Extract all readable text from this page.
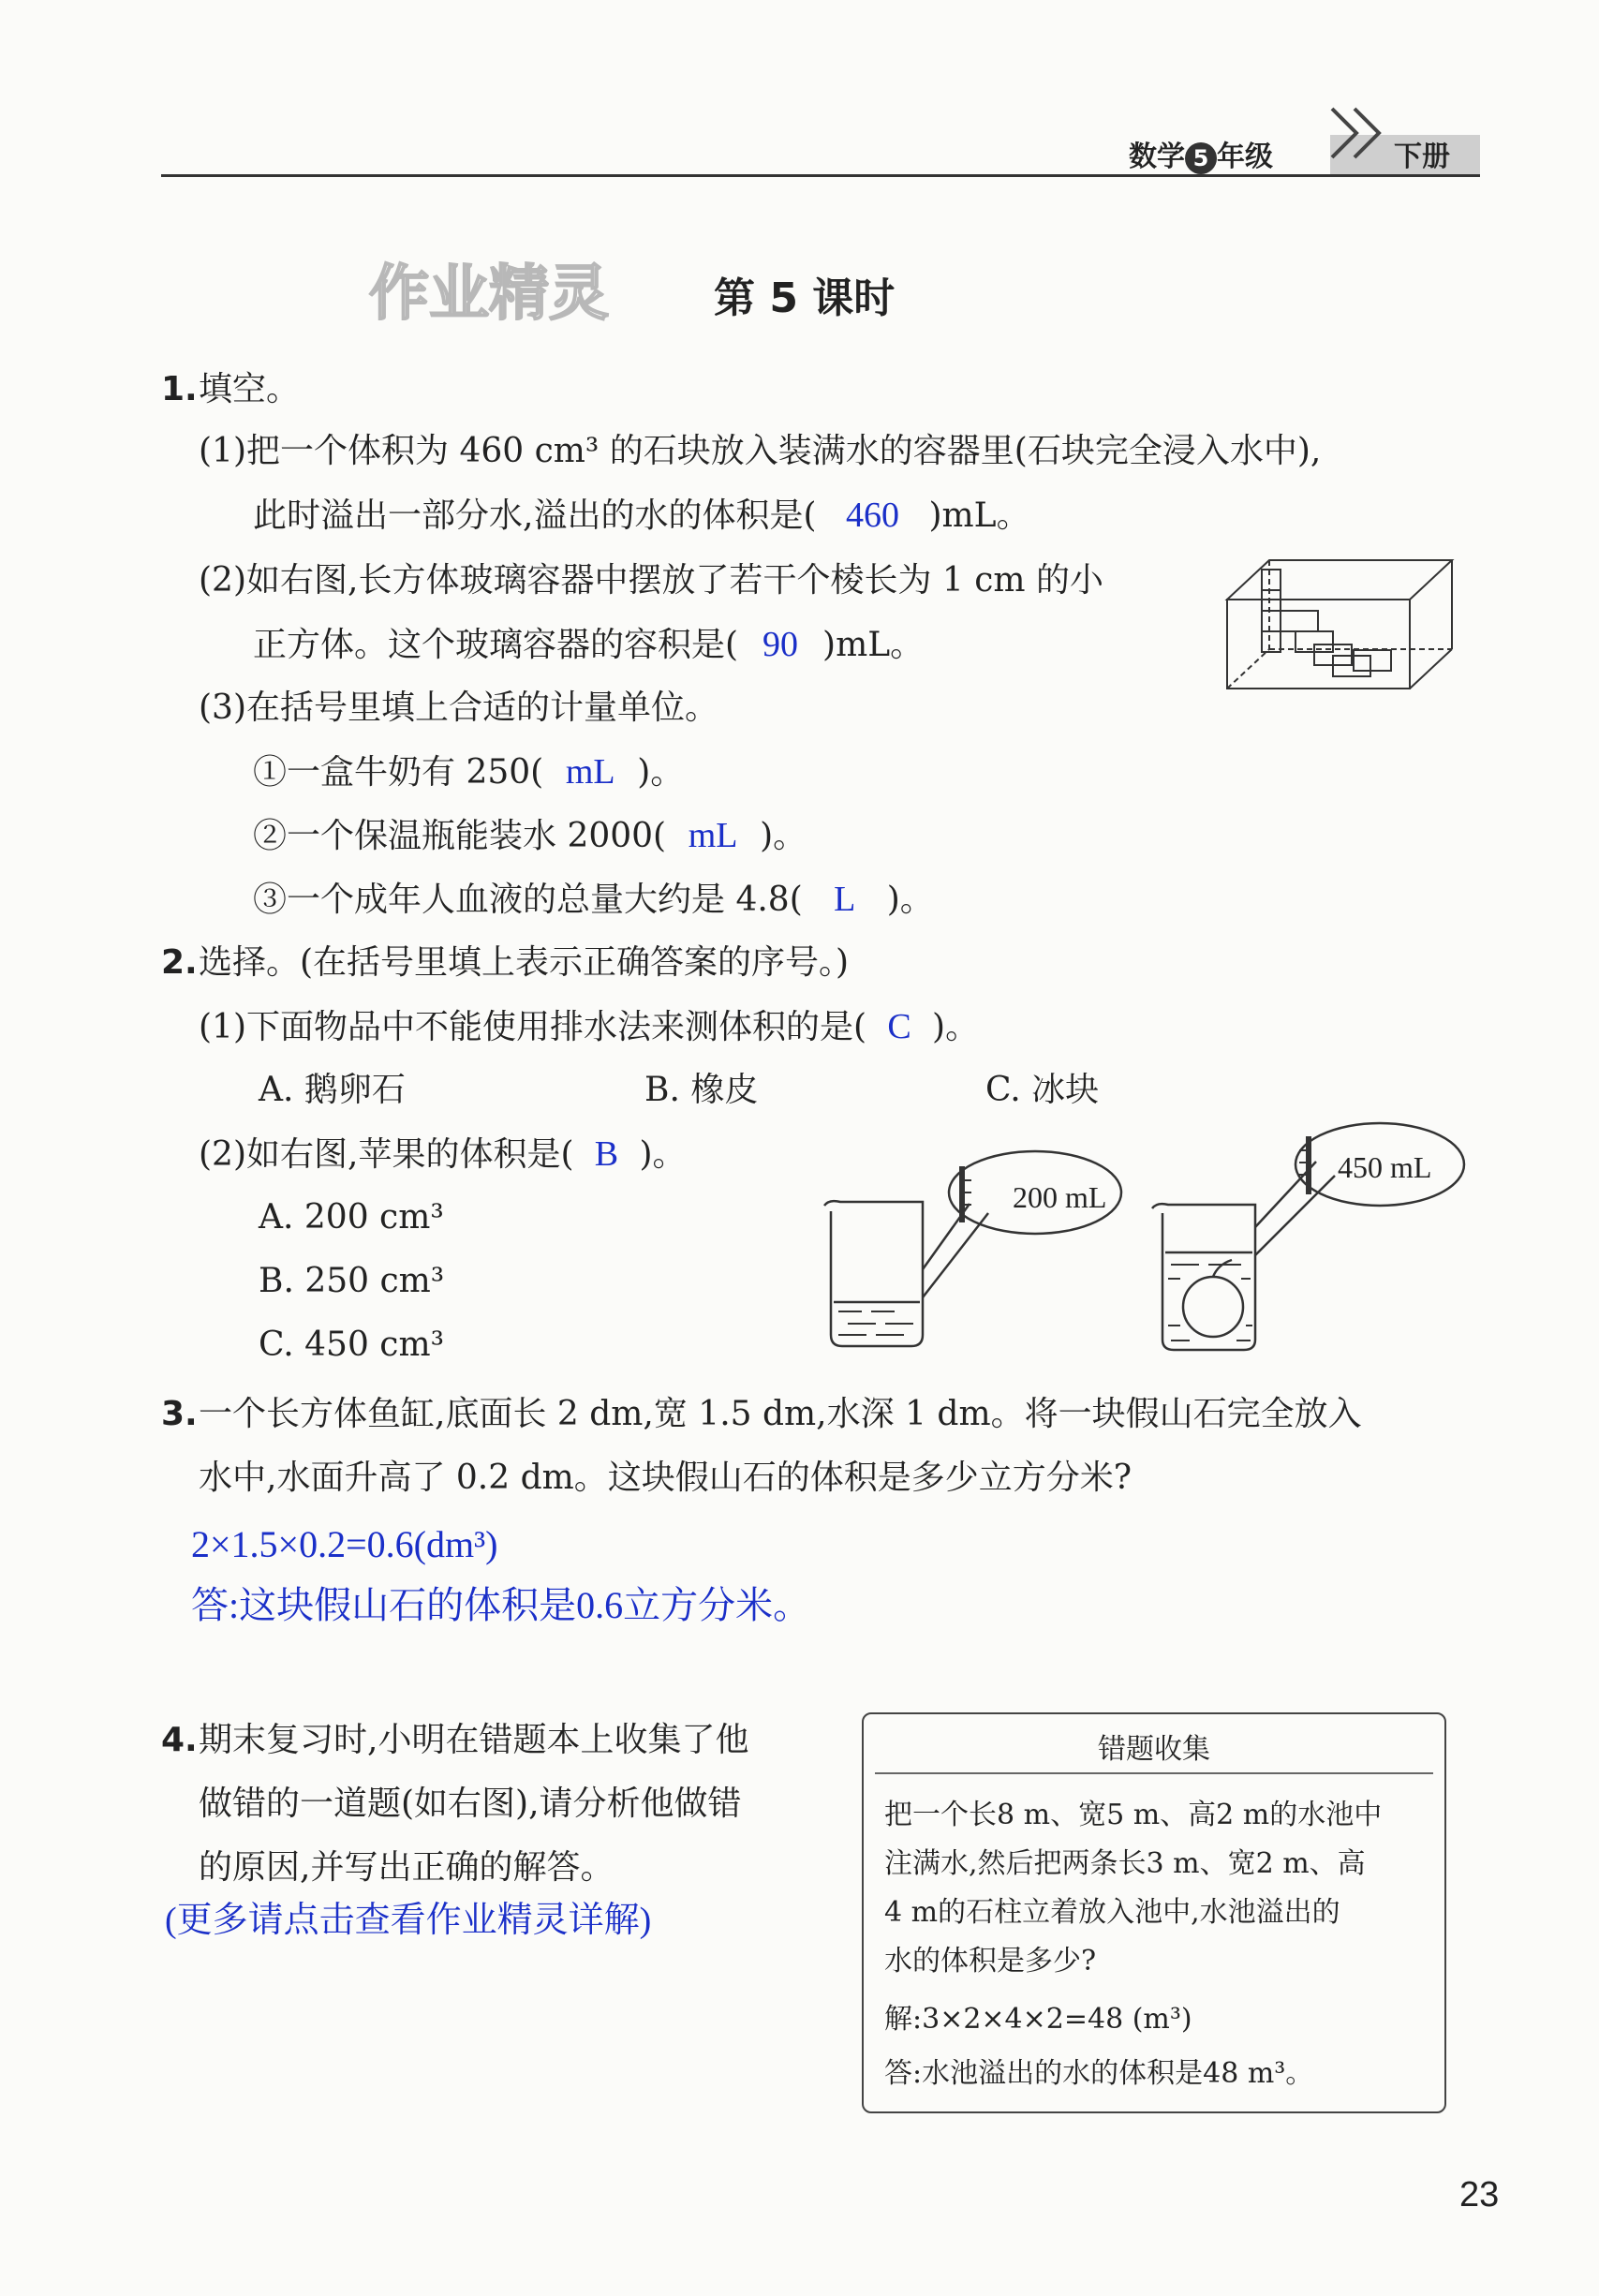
数学 5 年级	下册
作业精灵	第 5 课时
1. 填空。
(1)把一个体积为 460 cm³ 的石块放入装满水的容器里(石块完全浸入水中),
此时溢出一部分水,溢出的水的体积是( 460 )mL。
(2)如右图,长方体玻璃容器中摆放了若干个棱长为 1 cm 的小
正方体。这个玻璃容器的容积是( 90 )mL。
(3)在括号里填上合适的计量单位。
①一盒牛奶有 250( mL )。
②一个保温瓶能装水 2000( mL )。
③一个成年人血液的总量大约是 4.8( L )。
2. 选择。(在括号里填上表示正确答案的序号。)
(1)下面物品中不能使用排水法来测体积的是( C )。
A. 鹅卵石	B. 橡皮	C. 冰块
(2)如右图,苹果的体积是( B )。
A. 200 cm³
B. 250 cm³
C. 450 cm³
200 mL
450 mL
3. 一个长方体鱼缸,底面长 2 dm,宽 1.5 dm,水深 1 dm。将一块假山石完全放入
水中,水面升高了 0.2 dm。这块假山石的体积是多少立方分米?
2×1.5×0.2=0.6(dm³)
答:这块假山石的体积是0.6立方分米。
4. 期末复习时,小明在错题本上收集了他
做错的一道题(如右图),请分析他做错
的原因,并写出正确的解答。
(更多请点击查看作业精灵详解)
错题收集
把一个长8 m、宽5 m、高2 m的水池中
注满水,然后把两条长3 m、宽2 m、高
4 m的石柱立着放入池中,水池溢出的
水的体积是多少?
解:3×2×4×2=48 (m³)
答:水池溢出的水的体积是48 m³。
23
